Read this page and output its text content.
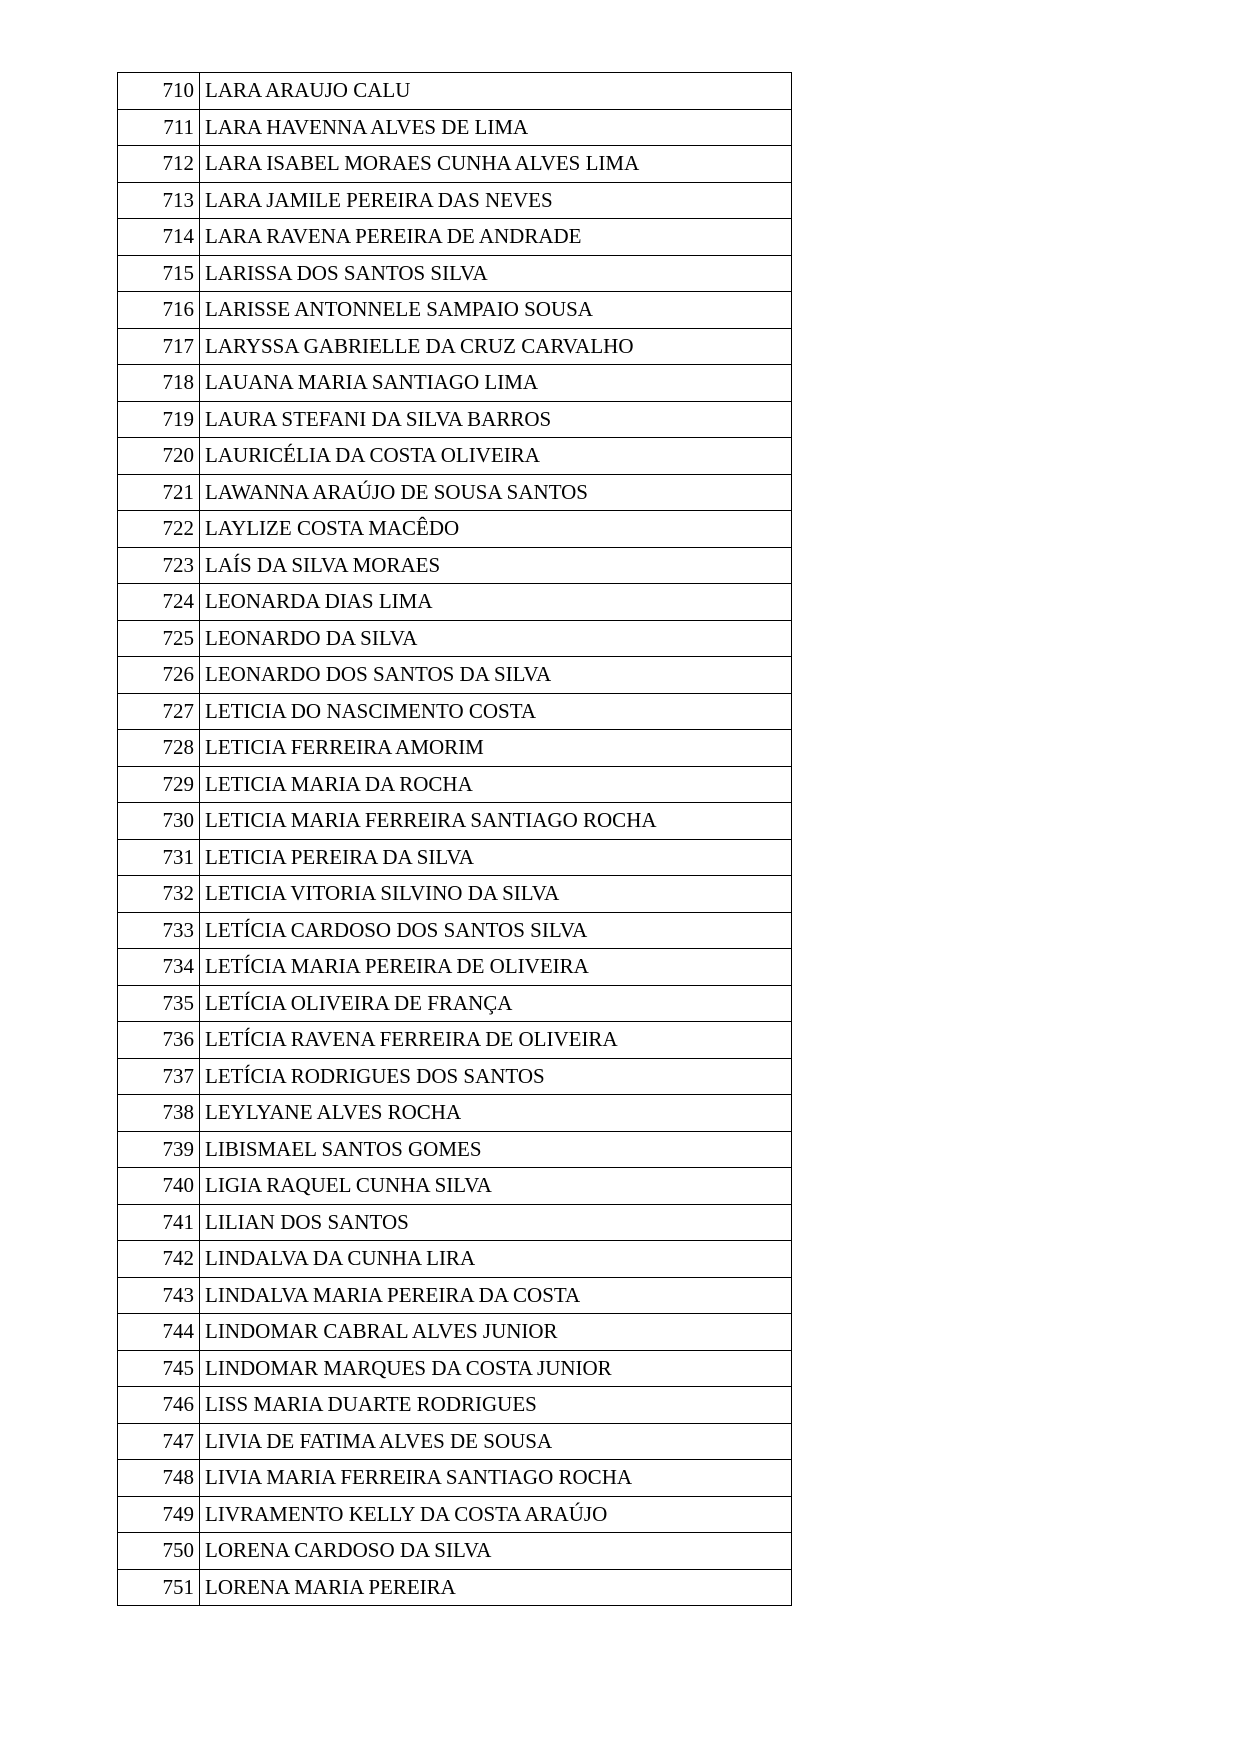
710	LARA ARAUJO CALU
711	LARA HAVENNA ALVES DE LIMA
712	LARA ISABEL MORAES CUNHA ALVES LIMA
713	LARA JAMILE PEREIRA DAS NEVES
714	LARA RAVENA PEREIRA DE ANDRADE
715	LARISSA DOS SANTOS SILVA
716	LARISSE ANTONNELE SAMPAIO SOUSA
717	LARYSSA GABRIELLE DA CRUZ CARVALHO
718	LAUANA MARIA SANTIAGO LIMA
719	LAURA STEFANI DA SILVA BARROS
720	LAURICÉLIA DA COSTA OLIVEIRA
721	LAWANNA ARAÚJO DE SOUSA SANTOS
722	LAYLIZE COSTA MACÊDO
723	LAÍS DA SILVA MORAES
724	LEONARDA DIAS LIMA
725	LEONARDO DA SILVA
726	LEONARDO DOS SANTOS DA SILVA
727	LETICIA DO NASCIMENTO COSTA
728	LETICIA FERREIRA AMORIM
729	LETICIA MARIA DA ROCHA
730	LETICIA MARIA FERREIRA SANTIAGO ROCHA
731	LETICIA PEREIRA DA SILVA
732	LETICIA VITORIA SILVINO DA SILVA
733	LETÍCIA CARDOSO DOS SANTOS SILVA
734	LETÍCIA MARIA PEREIRA DE OLIVEIRA
735	LETÍCIA OLIVEIRA DE FRANÇA
736	LETÍCIA RAVENA FERREIRA DE OLIVEIRA
737	LETÍCIA RODRIGUES DOS SANTOS
738	LEYLYANE ALVES ROCHA
739	LIBISMAEL SANTOS GOMES
740	LIGIA RAQUEL CUNHA SILVA
741	LILIAN DOS SANTOS
742	LINDALVA DA CUNHA LIRA
743	LINDALVA MARIA PEREIRA DA COSTA
744	LINDOMAR CABRAL ALVES JUNIOR
745	LINDOMAR MARQUES DA COSTA JUNIOR
746	LISS MARIA DUARTE RODRIGUES
747	LIVIA DE FATIMA ALVES DE SOUSA
748	LIVIA MARIA FERREIRA SANTIAGO ROCHA
749	LIVRAMENTO KELLY DA COSTA ARAÚJO
750	LORENA CARDOSO DA SILVA
751	LORENA MARIA PEREIRA
